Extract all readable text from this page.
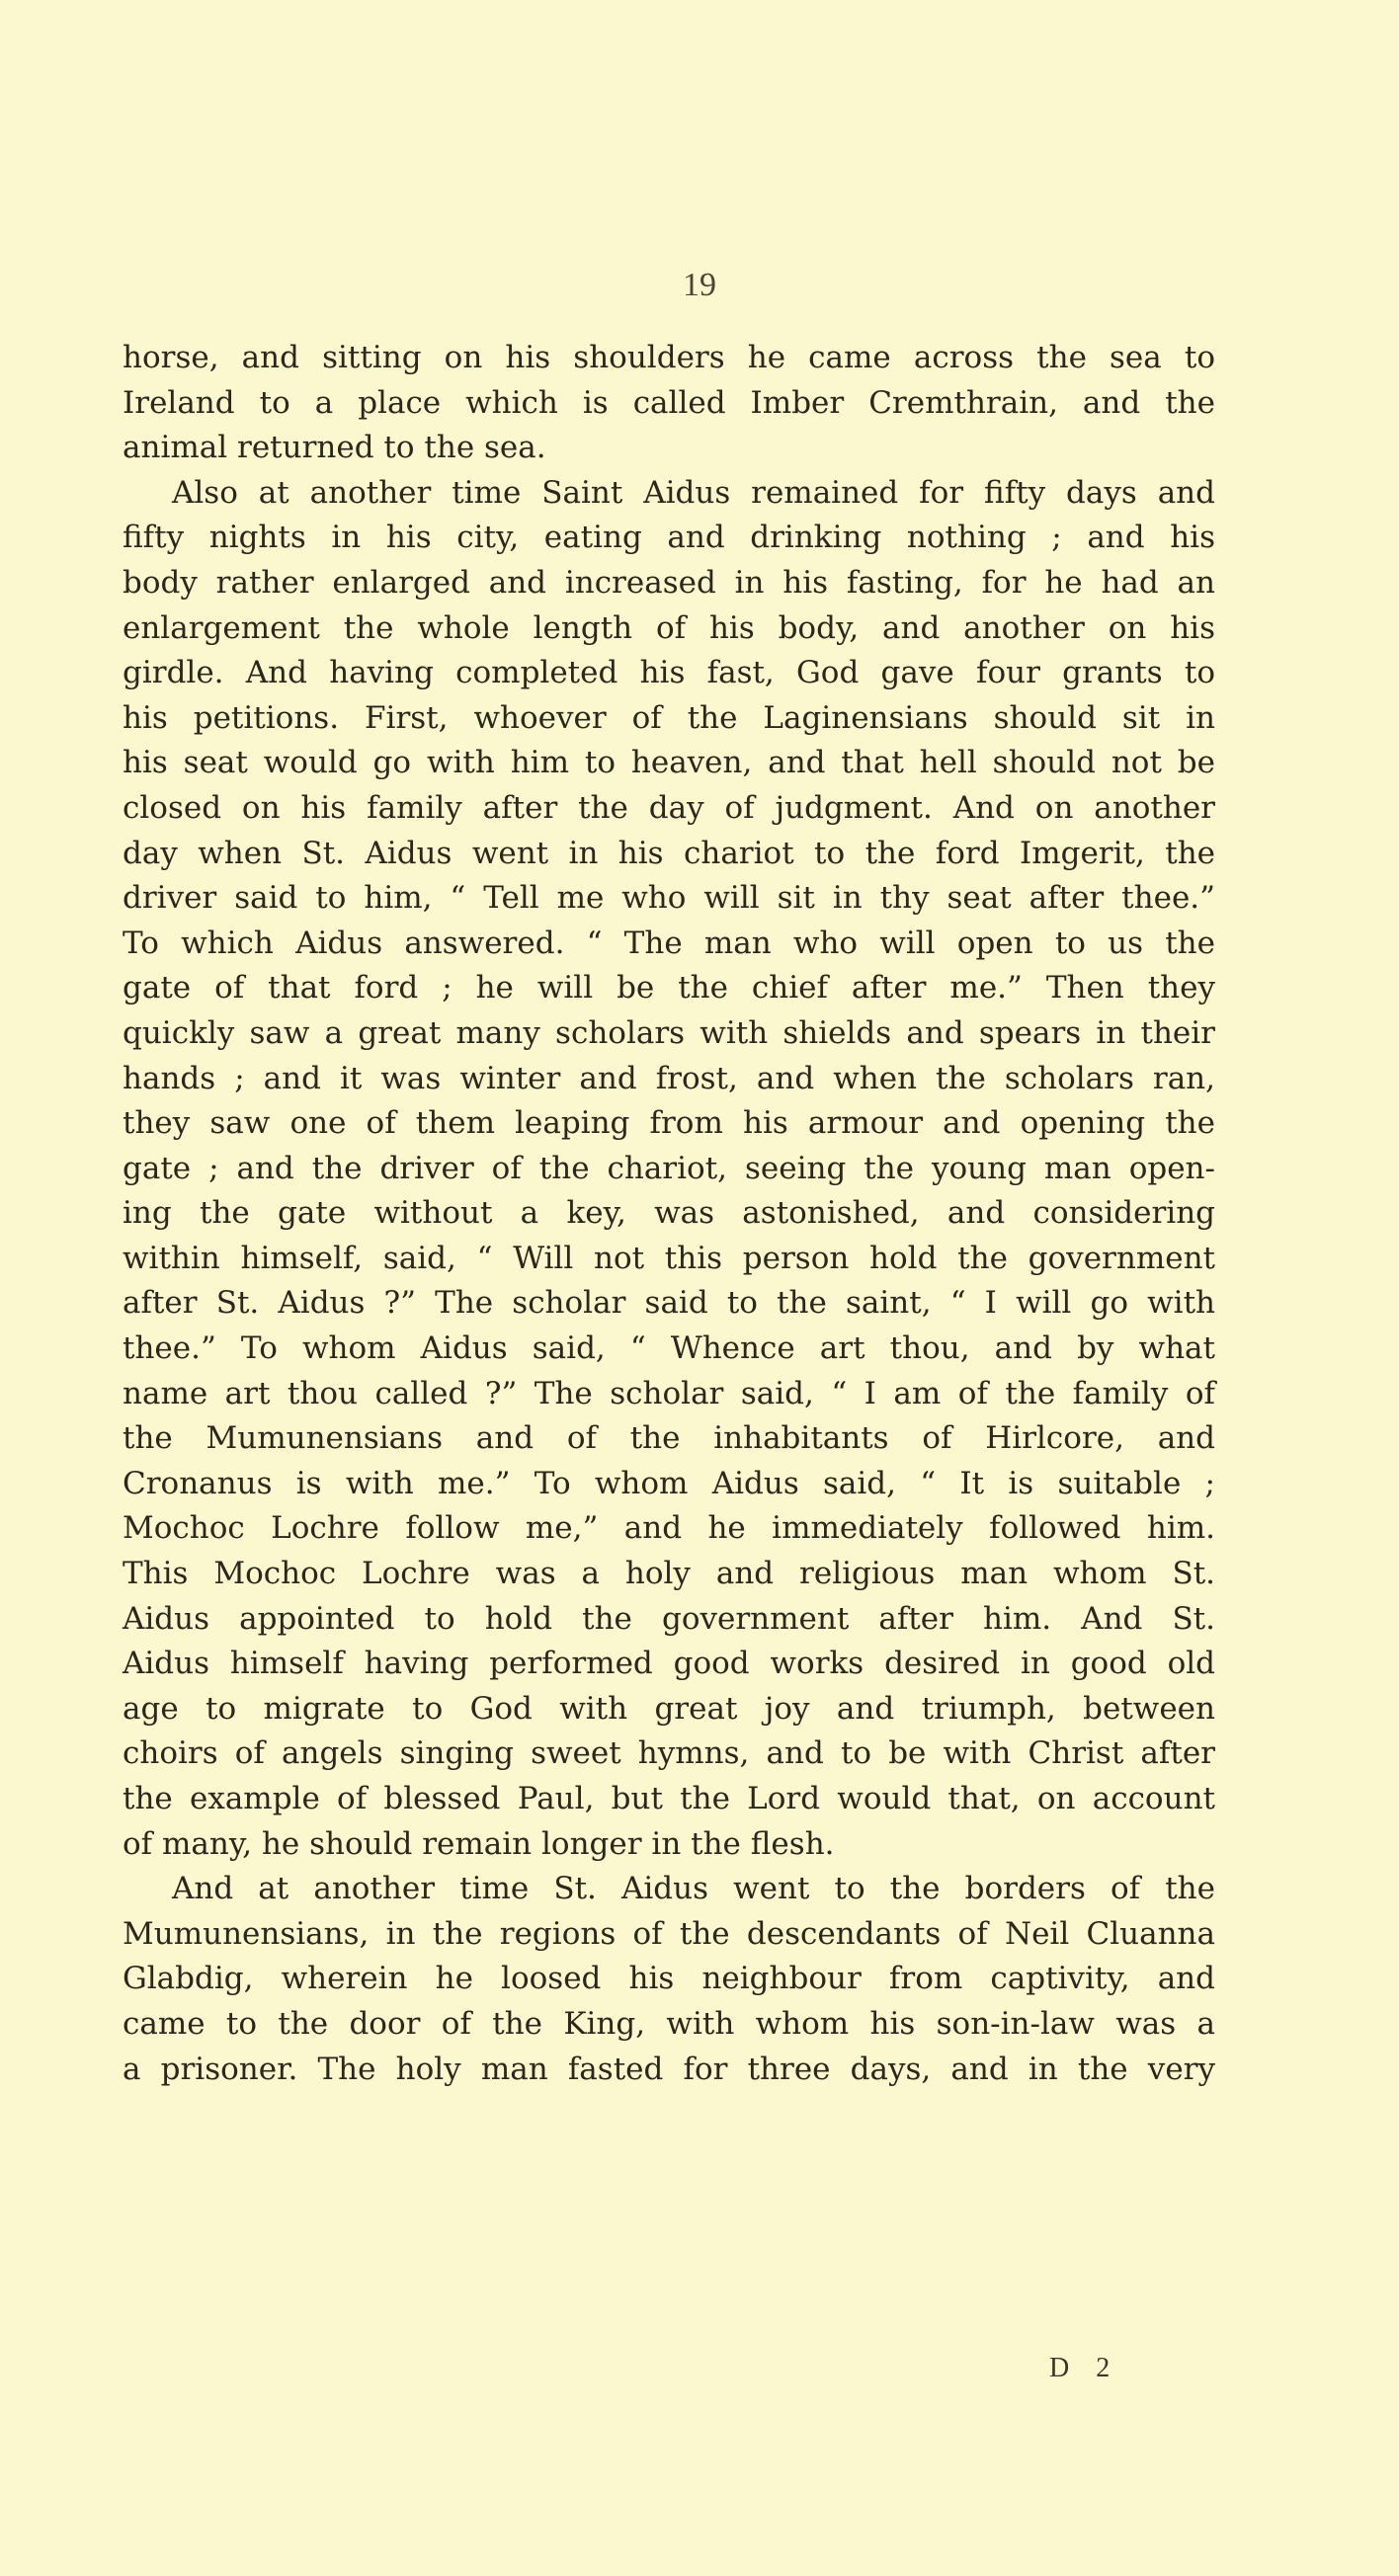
19
horse, and sitting on his shoulders he came across the sea to
Ireland to a place which is called Imber Cremthrain, and the
animal returned to the sea.
Also at another time Saint Aidus remained for fifty days and
fifty nights in his city, eating and drinking nothing ; and his
body rather enlarged and increased in his fasting, for he had an
enlargement the whole length of his body, and another on his
girdle. And having completed his fast, God gave four grants to
his petitions. First, whoever of the Laginensians should sit in
his seat would go with him to heaven, and that hell should not be
closed on his family after the day of judgment. And on another
day when St. Aidus went in his chariot to the ford Imgerit, the
driver said to him, “ Tell me who will sit in thy seat after thee.”
To which Aidus answered. “ The man who will open to us the
gate of that ford ; he will be the chief after me.” Then they
quickly saw a great many scholars with shields and spears in their
hands ; and it was winter and frost, and when the scholars ran,
they saw one of them leaping from his armour and opening the
gate ; and the driver of the chariot, seeing the young man open-
ing the gate without a key, was astonished, and considering
within himself, said, “ Will not this person hold the government
after St. Aidus ?” The scholar said to the saint, “ I will go with
thee.” To whom Aidus said, “ Whence art thou, and by what
name art thou called ?” The scholar said, “ I am of the family of
the Mumunensians and of the inhabitants of Hirlcore, and
Cronanus is with me.” To whom Aidus said, “ It is suitable ;
Mochoc Lochre follow me,” and he immediately followed him.
This Mochoc Lochre was a holy and religious man whom St.
Aidus appointed to hold the government after him. And St.
Aidus himself having performed good works desired in good old
age to migrate to God with great joy and triumph, between
choirs of angels singing sweet hymns, and to be with Christ after
the example of blessed Paul, but the Lord would that, on account
of many, he should remain longer in the flesh.
And at another time St. Aidus went to the borders of the
Mumunensians, in the regions of the descendants of Neil Cluanna
Glabdig, wherein he loosed his neighbour from captivity, and
came to the door of the King, with whom his son-in-law was a
a prisoner. The holy man fasted for three days, and in the very
D 2
